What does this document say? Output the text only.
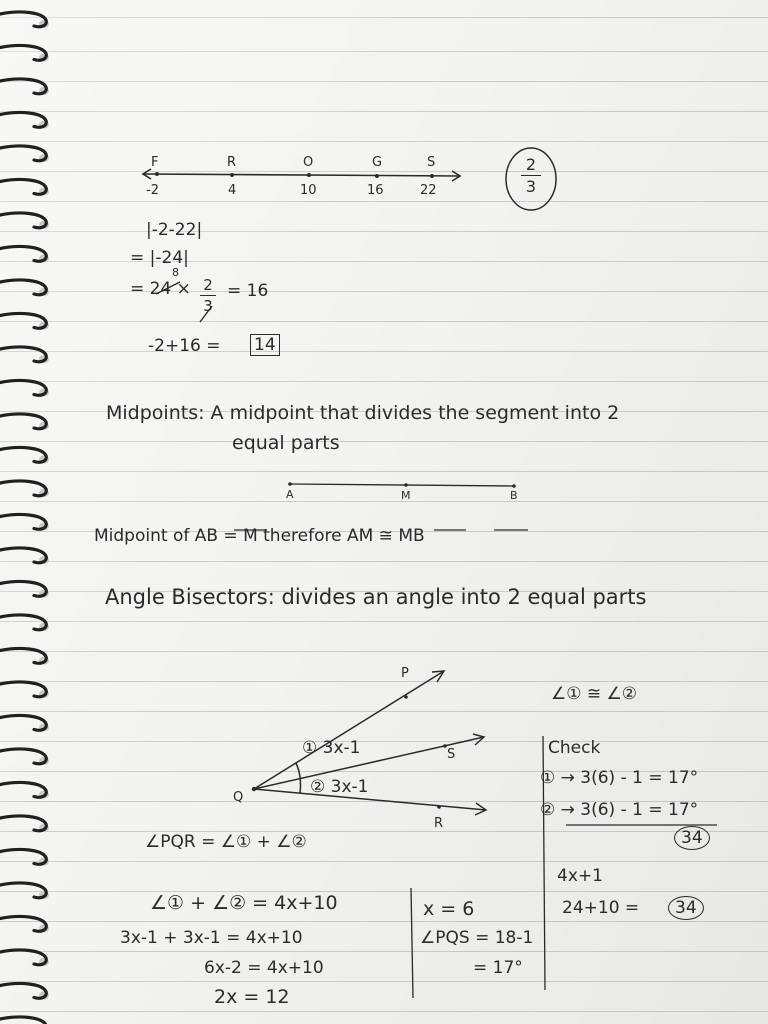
F	R	O	G	S
-2	4	10	16	22
2
3
|-2-22|
= |-24|
= 24 ×
8
2
3
= 16
-2+16 = 14
Midpoints: A midpoint that divides the segment into 2
equal parts
A	M	B
Midpoint of AB = M therefore AM ≅ MB
Angle Bisectors: divides an angle into 2 equal parts
P
S
Q
R
① 3x-1
② 3x-1
∠① ≅ ∠②
Check
① → 3(6) - 1 = 17°
② → 3(6) - 1 = 17°
34
∠PQR = ∠① + ∠②
∠① + ∠② = 4x+10
3x-1 + 3x-1 = 4x+10
6x-2 = 4x+10
2x = 12
x = 6
∠PQS = 18-1
= 17°
4x+1
24+10 =	34
